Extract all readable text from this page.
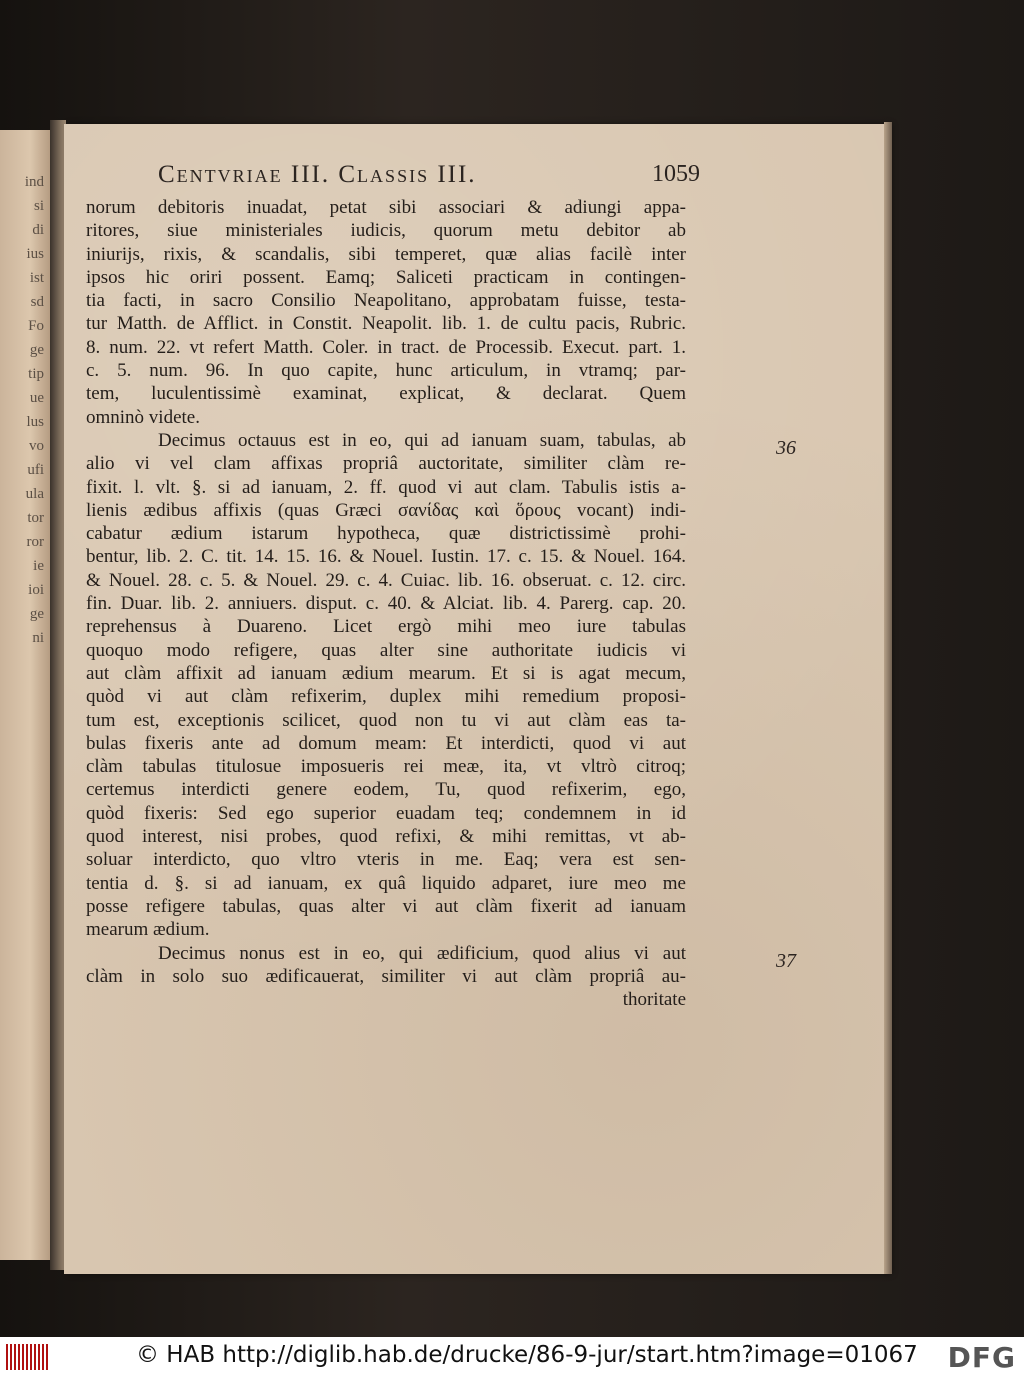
ind
si
di
ius
ist
sd
Fo
ge
tip
ue
lus
vo
ufi
ula
tor
ror
ie
ioi
ge
ni
Centvriae III. Classis III.	1059
norum debitoris inuadat, petat sibi associari & adiungi appa-
ritores, siue ministeriales iudicis, quorum metu debitor ab
iniurijs, rixis, & scandalis, sibi temperet, quæ alias facilè inter
ipsos hic oriri possent. Eamq; Saliceti practicam in contingen-
tia facti, in sacro Consilio Neapolitano, approbatam fuisse, testa-
tur Matth. de Afflict. in Constit. Neapolit. lib. 1. de cultu pacis, Rubric.
8. num. 22. vt refert Matth. Coler. in tract. de Processib. Execut. part. 1.
c. 5. num. 96. In quo capite, hunc articulum, in vtramq; par-
tem, luculentissimè examinat, explicat, & declarat. Quem
omninò videte.
Decimus octauus est in eo, qui ad ianuam suam, tabulas, ab
alio vi vel clam affixas propriâ auctoritate, similiter clàm re-
fixit. l. vlt. §. si ad ianuam, 2. ff. quod vi aut clam. Tabulis istis a-
lienis ædibus affixis (quas Græci σανίδας καὶ ὅρους vocant) indi-
cabatur ædium istarum hypotheca, quæ districtissimè prohi-
bentur, lib. 2. C. tit. 14. 15. 16. & Nouel. Iustin. 17. c. 15. & Nouel. 164.
& Nouel. 28. c. 5. & Nouel. 29. c. 4. Cuiac. lib. 16. obseruat. c. 12. circ.
fin. Duar. lib. 2. anniuers. disput. c. 40. & Alciat. lib. 4. Parerg. cap. 20.
reprehensus à Duareno. Licet ergò mihi meo iure tabulas
quoquo modo refigere, quas alter sine authoritate iudicis vi
aut clàm affixit ad ianuam ædium mearum. Et si is agat mecum,
quòd vi aut clàm refixerim, duplex mihi remedium proposi-
tum est, exceptionis scilicet, quod non tu vi aut clàm eas ta-
bulas fixeris ante ad domum meam: Et interdicti, quod vi aut
clàm tabulas titulosue imposueris rei meæ, ita, vt vltrò citroq;
certemus interdicti genere eodem, Tu, quod refixerim, ego,
quòd fixeris: Sed ego superior euadam teq; condemnem in id
quod interest, nisi probes, quod refixi, & mihi remittas, vt ab-
soluar interdicto, quo vltro vteris in me. Eaq; vera est sen-
tentia d. §. si ad ianuam, ex quâ liquido adparet, iure meo me
posse refigere tabulas, quas alter vi aut clàm fixerit ad ianuam
mearum ædium.
Decimus nonus est in eo, qui ædificium, quod alius vi aut
clàm in solo suo ædificauerat, similiter vi aut clàm propriâ au-
thoritate
36
37
© HAB http://diglib.hab.de/drucke/86-9-jur/start.htm?image=01067 DFG
